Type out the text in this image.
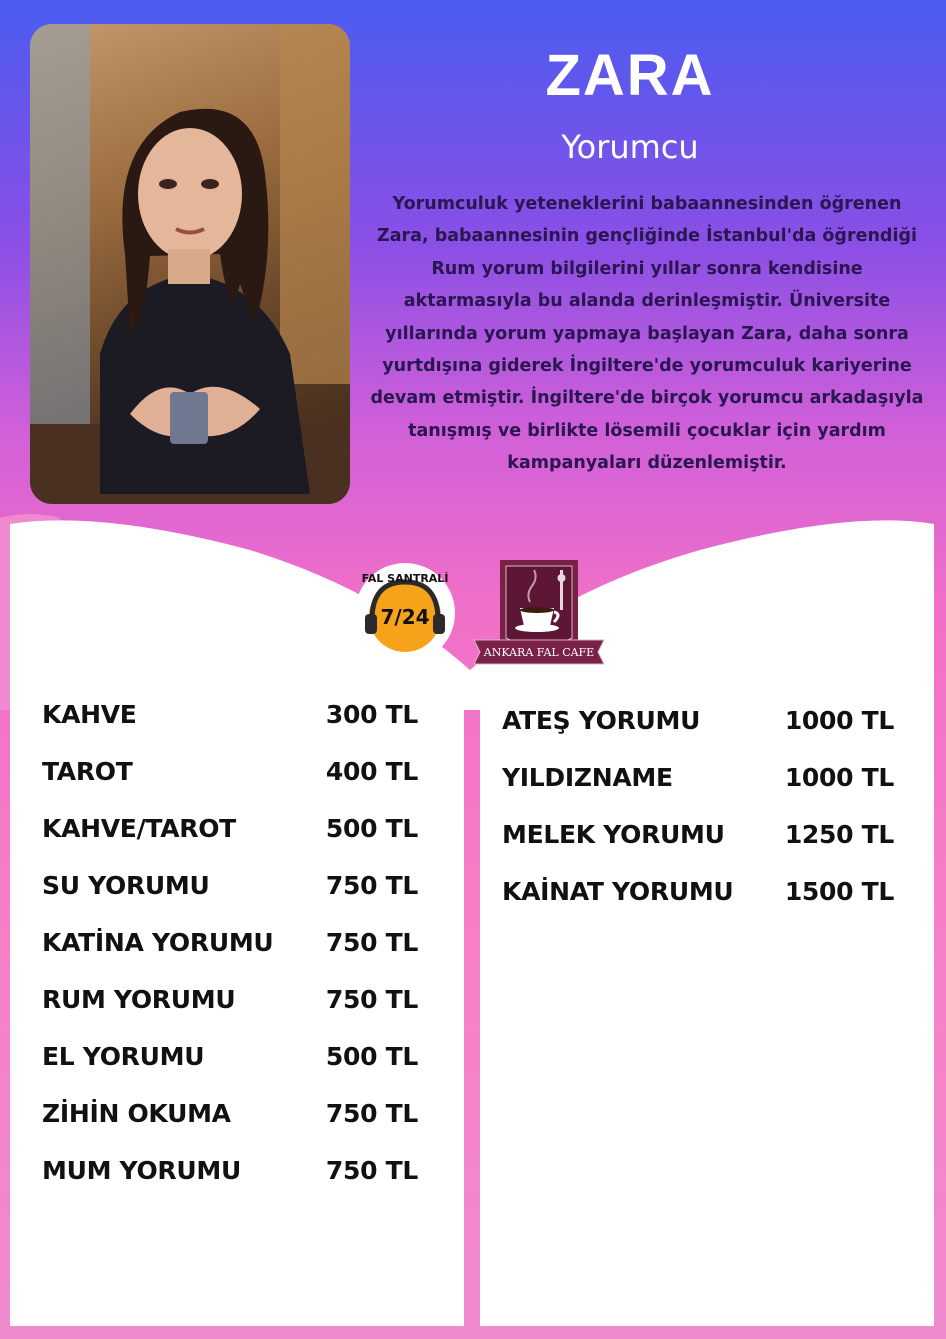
ZARA
Yorumcu
Yorumculuk yeteneklerini babaannesinden öğrenen Zara, babaannesinin gençliğinde İstanbul'da öğrendiği Rum yorum bilgilerini yıllar sonra kendisine aktarmasıyla bu alanda derinleşmiştir. Üniversite yıllarında yorum yapmaya başlayan Zara, daha sonra yurtdışına giderek İngiltere'de yorumculuk kariyerine devam etmiştir. İngiltere'de birçok yorumcu arkadaşıyla tanışmış ve birlikte lösemili çocuklar için yardım kampanyaları düzenlemiştir.
FAL SANTRALİ
7/24
ANKARA FAL CAFE
KAHVE	300 TL
TAROT	400 TL
KAHVE/TAROT	500 TL
SU YORUMU	750 TL
KATİNA YORUMU 750 TL
RUM YORUMU	750 TL
EL YORUMU	500 TL
ZİHİN OKUMA	750 TL
MUM YORUMU	750 TL
ATEŞ YORUMU	1000 TL
YILDIZNAME	1000 TL
MELEK YORUMU 1250 TL
KAİNAT YORUMU 1500 TL
